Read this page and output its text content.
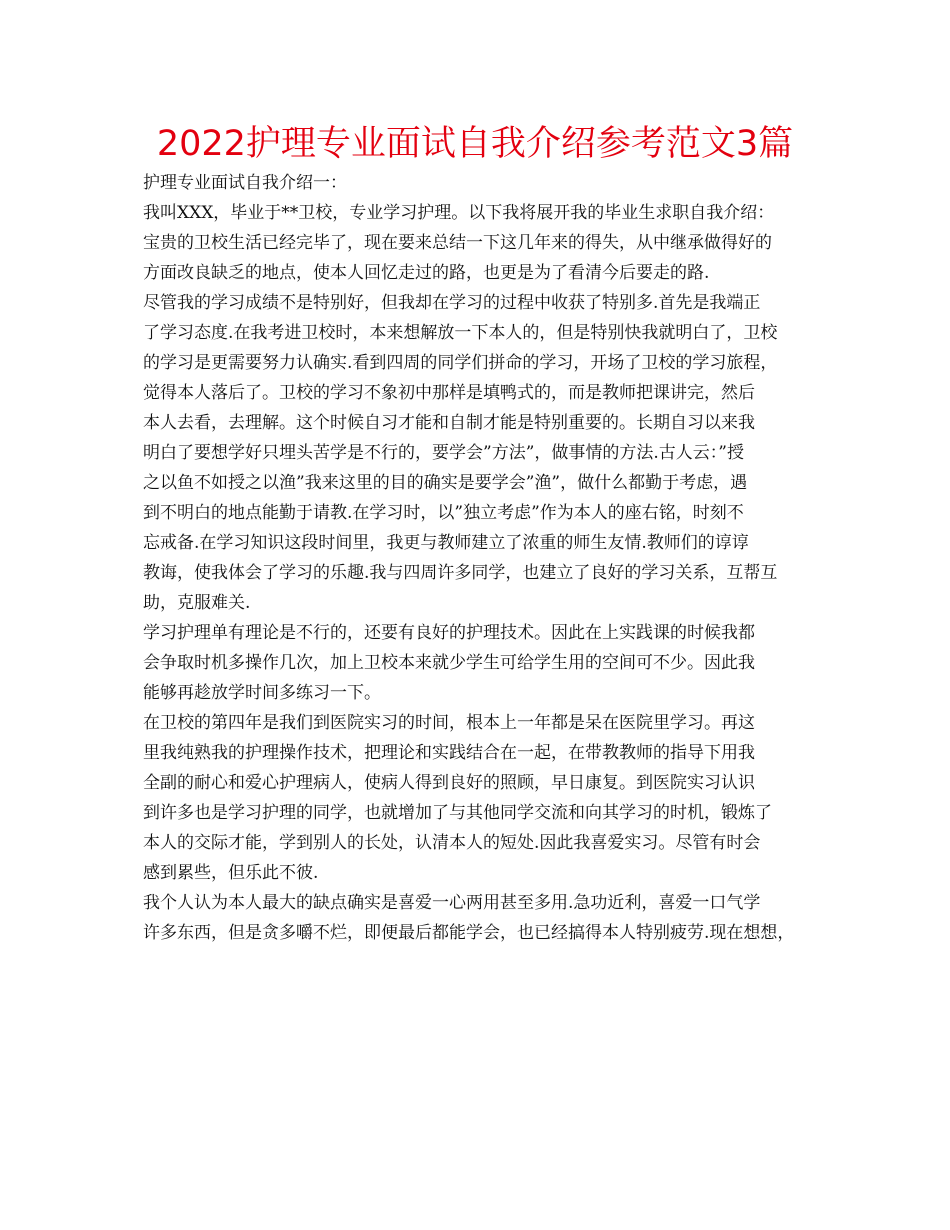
2022护理专业面试自我介绍参考范文3篇
护理专业面试自我介绍一：
我叫XXX，毕业于**卫校，专业学习护理。以下我将展开我的毕业生求职自我介绍：
宝贵的卫校生活已经完毕了，现在要来总结一下这几年来的得失，从中继承做得好的
方面改良缺乏的地点，使本人回忆走过的路，也更是为了看清今后要走的路.
尽管我的学习成绩不是特别好，但我却在学习的过程中收获了特别多.首先是我端正
了学习态度.在我考进卫校时，本来想解放一下本人的，但是特别快我就明白了，卫校
的学习是更需要努力认确实.看到四周的同学们拼命的学习，开场了卫校的学习旅程，
觉得本人落后了。卫校的学习不象初中那样是填鸭式的，而是教师把课讲完，然后
本人去看，去理解。这个时候自习才能和自制才能是特别重要的。长期自习以来我
明白了要想学好只埋头苦学是不行的，要学会”方法”，做事情的方法.古人云：”授
之以鱼不如授之以渔”我来这里的目的确实是要学会”渔”，做什么都勤于考虑，遇
到不明白的地点能勤于请教.在学习时，以”独立考虑”作为本人的座右铭，时刻不
忘戒备.在学习知识这段时间里，我更与教师建立了浓重的师生友情.教师们的谆谆
教诲，使我体会了学习的乐趣.我与四周许多同学，也建立了良好的学习关系，互帮互
助，克服难关.
学习护理单有理论是不行的，还要有良好的护理技术。因此在上实践课的时候我都
会争取时机多操作几次，加上卫校本来就少学生可给学生用的空间可不少。因此我
能够再趁放学时间多练习一下。
在卫校的第四年是我们到医院实习的时间，根本上一年都是呆在医院里学习。再这
里我纯熟我的护理操作技术，把理论和实践结合在一起，在带教教师的指导下用我
全副的耐心和爱心护理病人，使病人得到良好的照顾，早日康复。到医院实习认识
到许多也是学习护理的同学，也就增加了与其他同学交流和向其学习的时机，锻炼了
本人的交际才能，学到别人的长处，认清本人的短处.因此我喜爱实习。尽管有时会
感到累些，但乐此不彼.
我个人认为本人最大的缺点确实是喜爱一心两用甚至多用.急功近利，喜爱一口气学
许多东西，但是贪多嚼不烂，即便最后都能学会，也已经搞得本人特别疲劳.现在想想，
